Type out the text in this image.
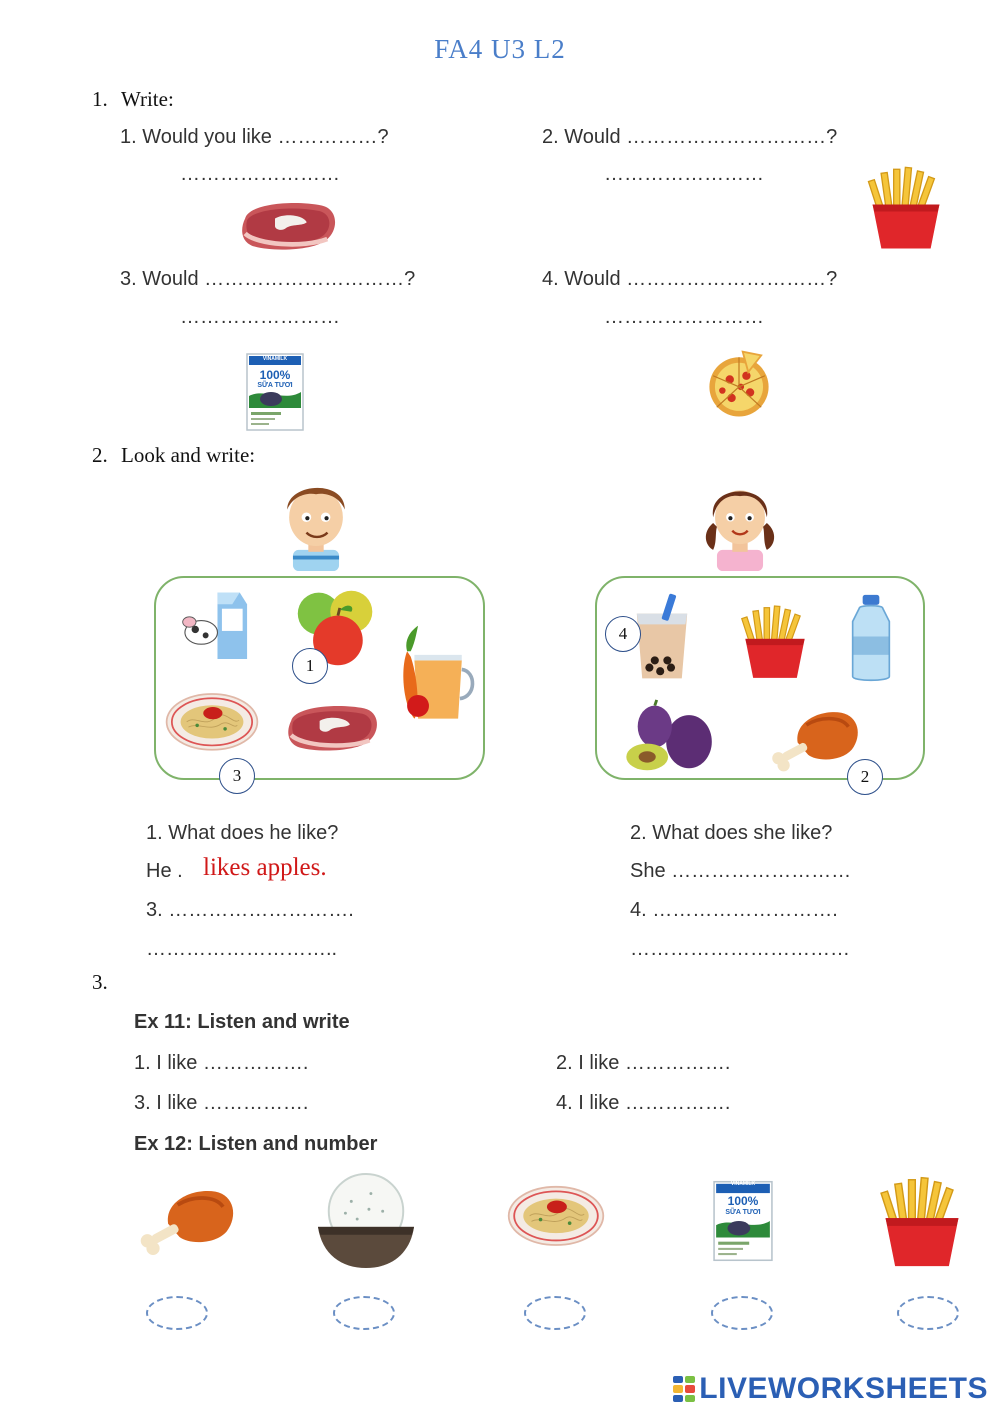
FA4 U3 L2
1. Write:
1. Would you like ……………?
……………………
2. Would …………………………?
……………………
3. Would …………………………?
……………………
VINAMILK
100%
SỮA TƯƠI
4. Would …………………………?
……………………
2. Look and write:
1
3
4
2
1. What does he like?
He . likes apples.
3. ……………………….
………………………..
2. What does she like?
She ………………………
4. ……………………….
……………………………
3.
Ex 11: Listen and write
1. I like …………….	2. I like …………….
3. I like …………….	4. I like …………….
Ex 12: Listen and number
VINAMILK
100%
SỮA TƯƠI
LIVEWORKSHEETS
